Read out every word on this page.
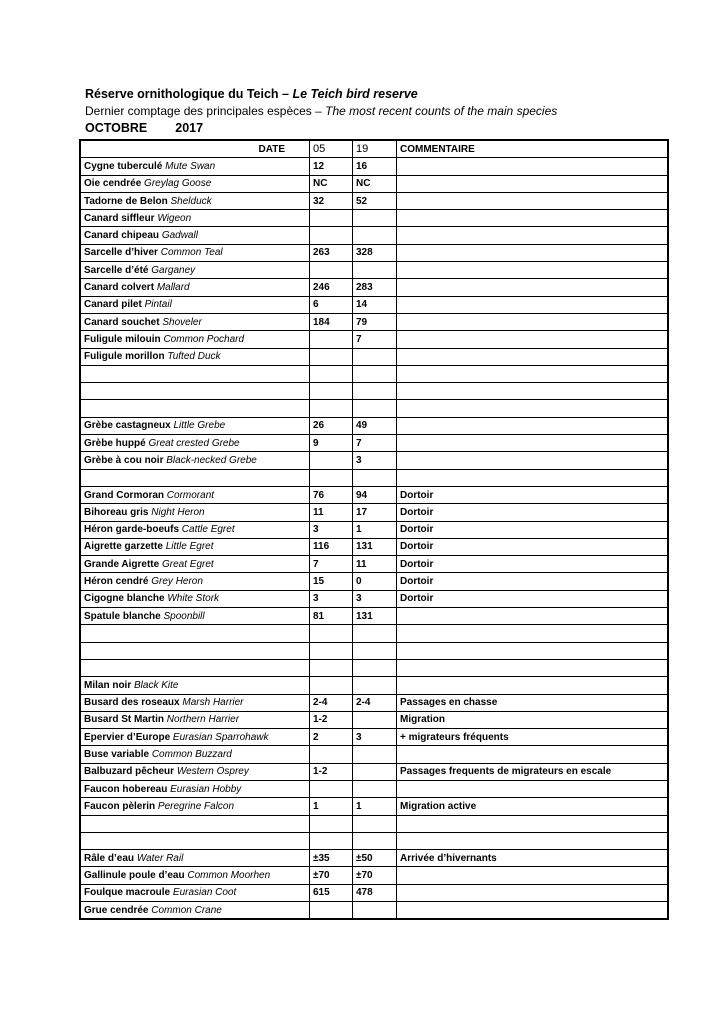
Réserve ornithologique du Teich – Le Teich bird reserve
Dernier comptage des principales espèces – The most recent counts of the main species
OCTOBRE 2017
DATE	05	19	COMMENTAIRE
Cygne tuberculé Mute Swan	12	16	
Oie cendrée Greylag Goose	NC	NC	
Tadorne de Belon Shelduck	32	52	
Canard siffleur Wigeon			
Canard chipeau Gadwall			
Sarcelle d’hiver Common Teal	263	328	
Sarcelle d’été Garganey			
Canard colvert Mallard	246	283	
Canard pilet Pintail	6	14	
Canard souchet Shoveler	184	79	
Fuligule milouin Common Pochard		7	
Fuligule morillon Tufted Duck			

Grèbe castagneux Little Grebe	26	49	
Grèbe huppé Great crested Grebe	9	7	
Grèbe à cou noir Black-necked Grebe		3	

Grand Cormoran Cormorant	76	94	Dortoir
Bihoreau gris Night Heron	11	17	Dortoir
Héron garde-boeufs Cattle Egret	3	1	Dortoir
Aigrette garzette Little Egret	116	131	Dortoir
Grande Aigrette Great Egret	7	11	Dortoir
Héron cendré Grey Heron	15	0	Dortoir
Cigogne blanche White Stork	3	3	Dortoir
Spatule blanche Spoonbill	81	131	

Milan noir Black Kite			
Busard des roseaux Marsh Harrier	2-4	2-4	Passages en chasse
Busard St Martin Northern Harrier	1-2		Migration
Epervier d’Europe Eurasian Sparrohawk	2	3	+ migrateurs fréquents
Buse variable Common Buzzard			
Balbuzard pêcheur Western Osprey	1-2		Passages frequents de migrateurs en escale
Faucon hobereau Eurasian Hobby			
Faucon pèlerin Peregrine Falcon	1	1	Migration active

Râle d’eau Water Rail	±35	±50	Arrivée d’hivernants
Gallinule poule d’eau Common Moorhen	±70	±70	
Foulque macroule Eurasian Coot	615	478	
Grue cendrée Common Crane			
